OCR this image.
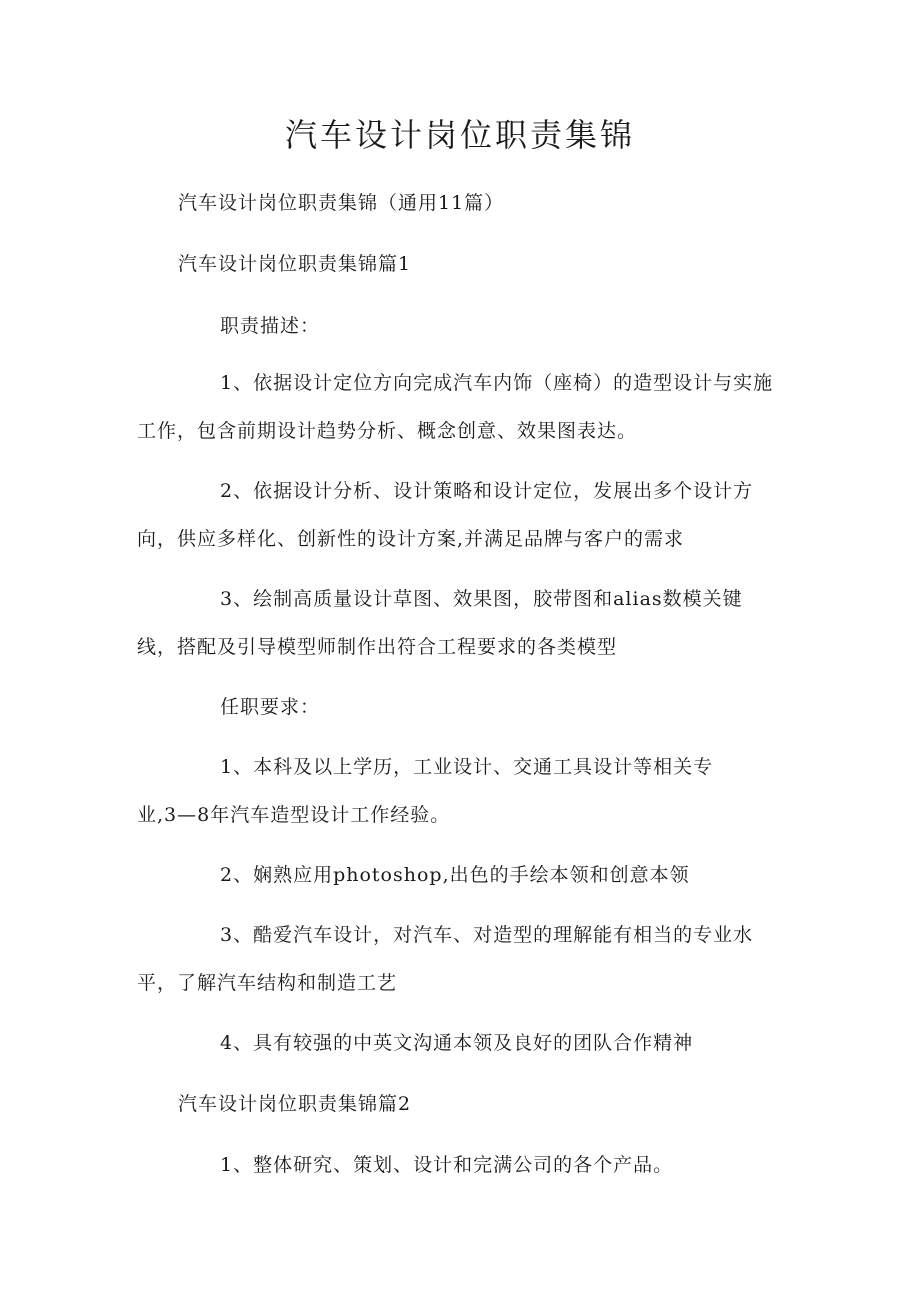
汽车设计岗位职责集锦

汽车设计岗位职责集锦（通用11篇）

汽车设计岗位职责集锦篇1

职责描述：

1、依据设计定位方向完成汽车内饰（座椅）的造型设计与实施

工作，包含前期设计趋势分析、概念创意、效果图表达。

2、依据设计分析、设计策略和设计定位，发展出多个设计方

向，供应多样化、创新性的设计方案,并满足品牌与客户的需求

3、绘制高质量设计草图、效果图，胶带图和alias数模关键

线，搭配及引导模型师制作出符合工程要求的各类模型

任职要求：

1、本科及以上学历，工业设计、交通工具设计等相关专

业,3—8年汽车造型设计工作经验。

2、娴熟应用photoshop,出色的手绘本领和创意本领

3、酷爱汽车设计，对汽车、对造型的理解能有相当的专业水

平，了解汽车结构和制造工艺

4、具有较强的中英文沟通本领及良好的团队合作精神

汽车设计岗位职责集锦篇2

1、整体研究、策划、设计和完满公司的各个产品。
